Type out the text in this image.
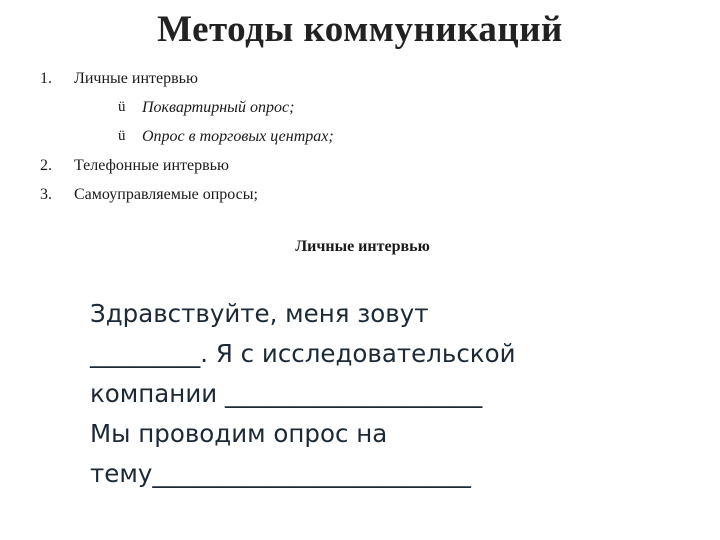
Методы коммуникаций
1.	Личные интервью
ü Поквартирный опрос;
ü Опрос в торговых центрах;
2.	Телефонные интервью
3.	Самоуправляемые опросы;
Личные интервью
Здравствуйте, меня зовут
_________. Я с исследовательской
компании _____________________
Мы проводим опрос на
тему__________________________
